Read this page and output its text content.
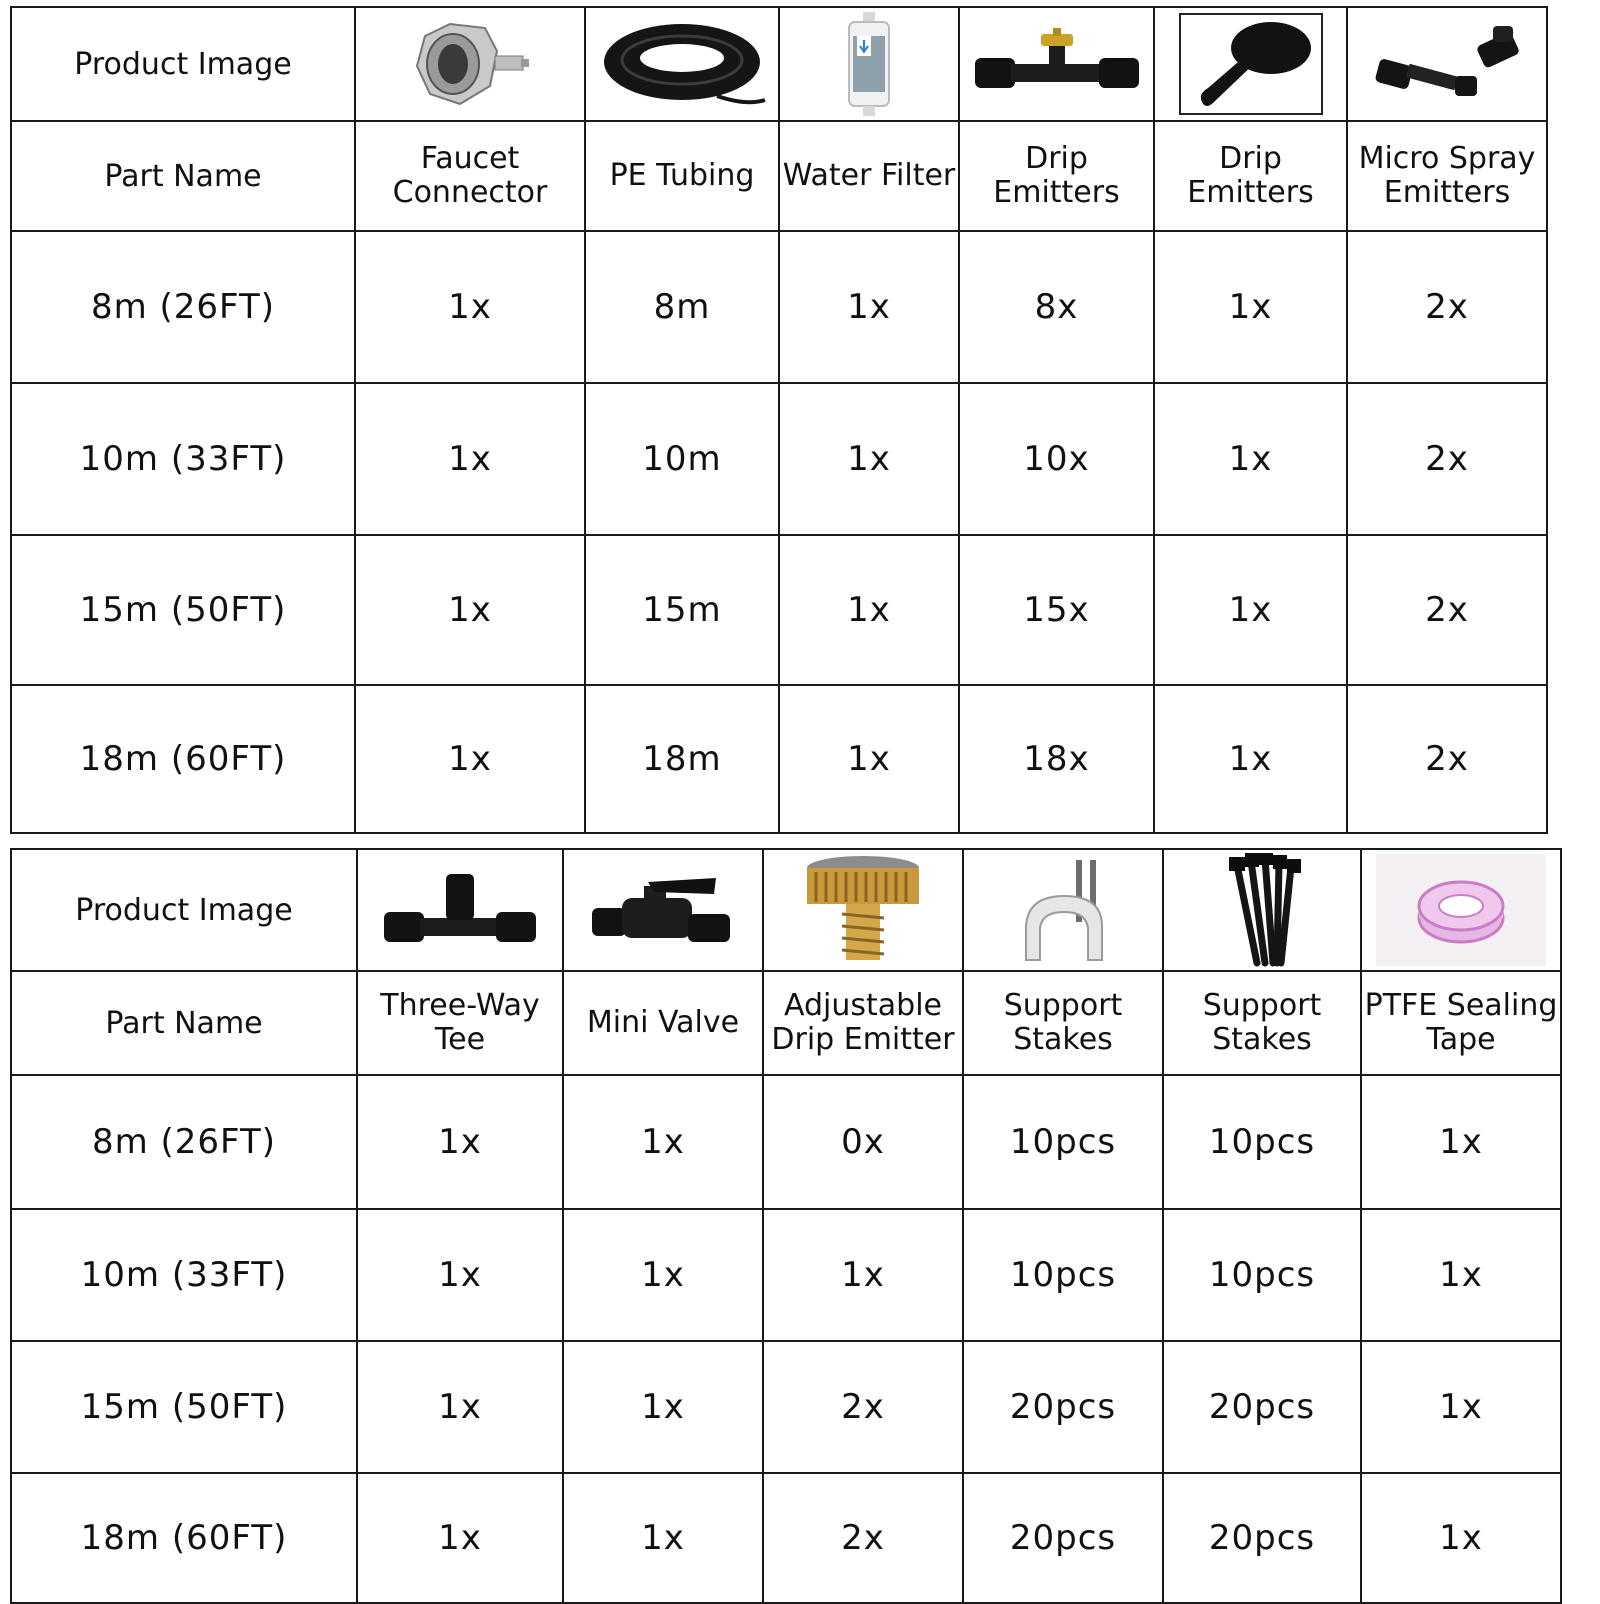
Product Image	

Part Name	Faucet Connector	PE Tubing	Water Filter	Drip Emitters	Drip Emitters	Micro Spray Emitters
8m (26FT)	1x	8m	1x	8x	1x	2x
10m (33FT)	1x	10m	1x	10x	1x	2x
15m (50FT)	1x	15m	1x	15x	1x	2x
18m (60FT)	1x	18m	1x	18x	1x	2x
Product Image	

Part Name	Three-Way Tee	Mini Valve	Adjustable Drip Emitter	Support Stakes	Support Stakes	PTFE Sealing Tape
8m (26FT)	1x	1x	0x	10pcs	10pcs	1x
10m (33FT)	1x	1x	1x	10pcs	10pcs	1x
15m (50FT)	1x	1x	2x	20pcs	20pcs	1x
18m (60FT)	1x	1x	2x	20pcs	20pcs	1x
